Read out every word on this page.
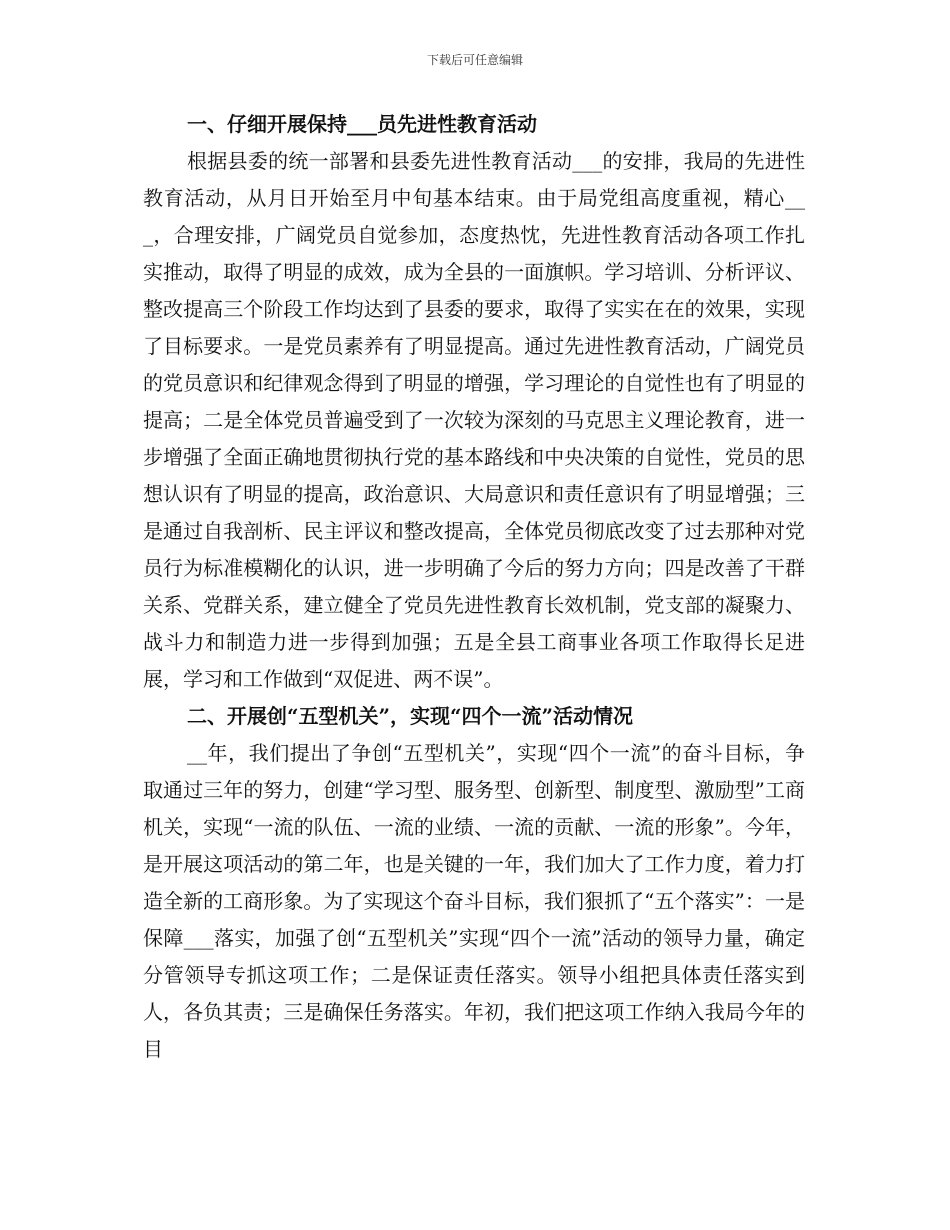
下载后可任意编辑
一、仔细开展保持___员先进性教育活动

根据县委的统一部署和县委先进性教育活动___的安排，我局的先进性教育活动，从月日开始至月中旬基本结束。由于局党组高度重视，精心___，合理安排，广阔党员自觉参加，态度热忱，先进性教育活动各项工作扎实推动，取得了明显的成效，成为全县的一面旗帜。学习培训、分析评议、整改提高三个阶段工作均达到了县委的要求，取得了实实在在的效果，实现了目标要求。一是党员素养有了明显提高。通过先进性教育活动，广阔党员的党员意识和纪律观念得到了明显的增强，学习理论的自觉性也有了明显的提高；二是全体党员普遍受到了一次较为深刻的马克思主义理论教育，进一步增强了全面正确地贯彻执行党的基本路线和中央决策的自觉性，党员的思想认识有了明显的提高，政治意识、大局意识和责任意识有了明显增强；三是通过自我剖析、民主评议和整改提高，全体党员彻底改变了过去那种对党员行为标准模糊化的认识，进一步明确了今后的努力方向；四是改善了干群关系、党群关系，建立健全了党员先进性教育长效机制，党支部的凝聚力、战斗力和制造力进一步得到加强；五是全县工商事业各项工作取得长足进展，学习和工作做到“双促进、两不误”。

二、开展创“五型机关”，实现“四个一流”活动情况

__年，我们提出了争创“五型机关”，实现“四个一流”的奋斗目标，争取通过三年的努力，创建“学习型、服务型、创新型、制度型、激励型”工商机关，实现“一流的队伍、一流的业绩、一流的贡献、一流的形象”。今年，是开展这项活动的第二年，也是关键的一年，我们加大了工作力度，着力打造全新的工商形象。为了实现这个奋斗目标，我们狠抓了“五个落实”：一是保障___落实，加强了创“五型机关”实现“四个一流”活动的领导力量，确定分管领导专抓这项工作；二是保证责任落实。领导小组把具体责任落实到人，各负其责；三是确保任务落实。年初，我们把这项工作纳入我局今年的目
